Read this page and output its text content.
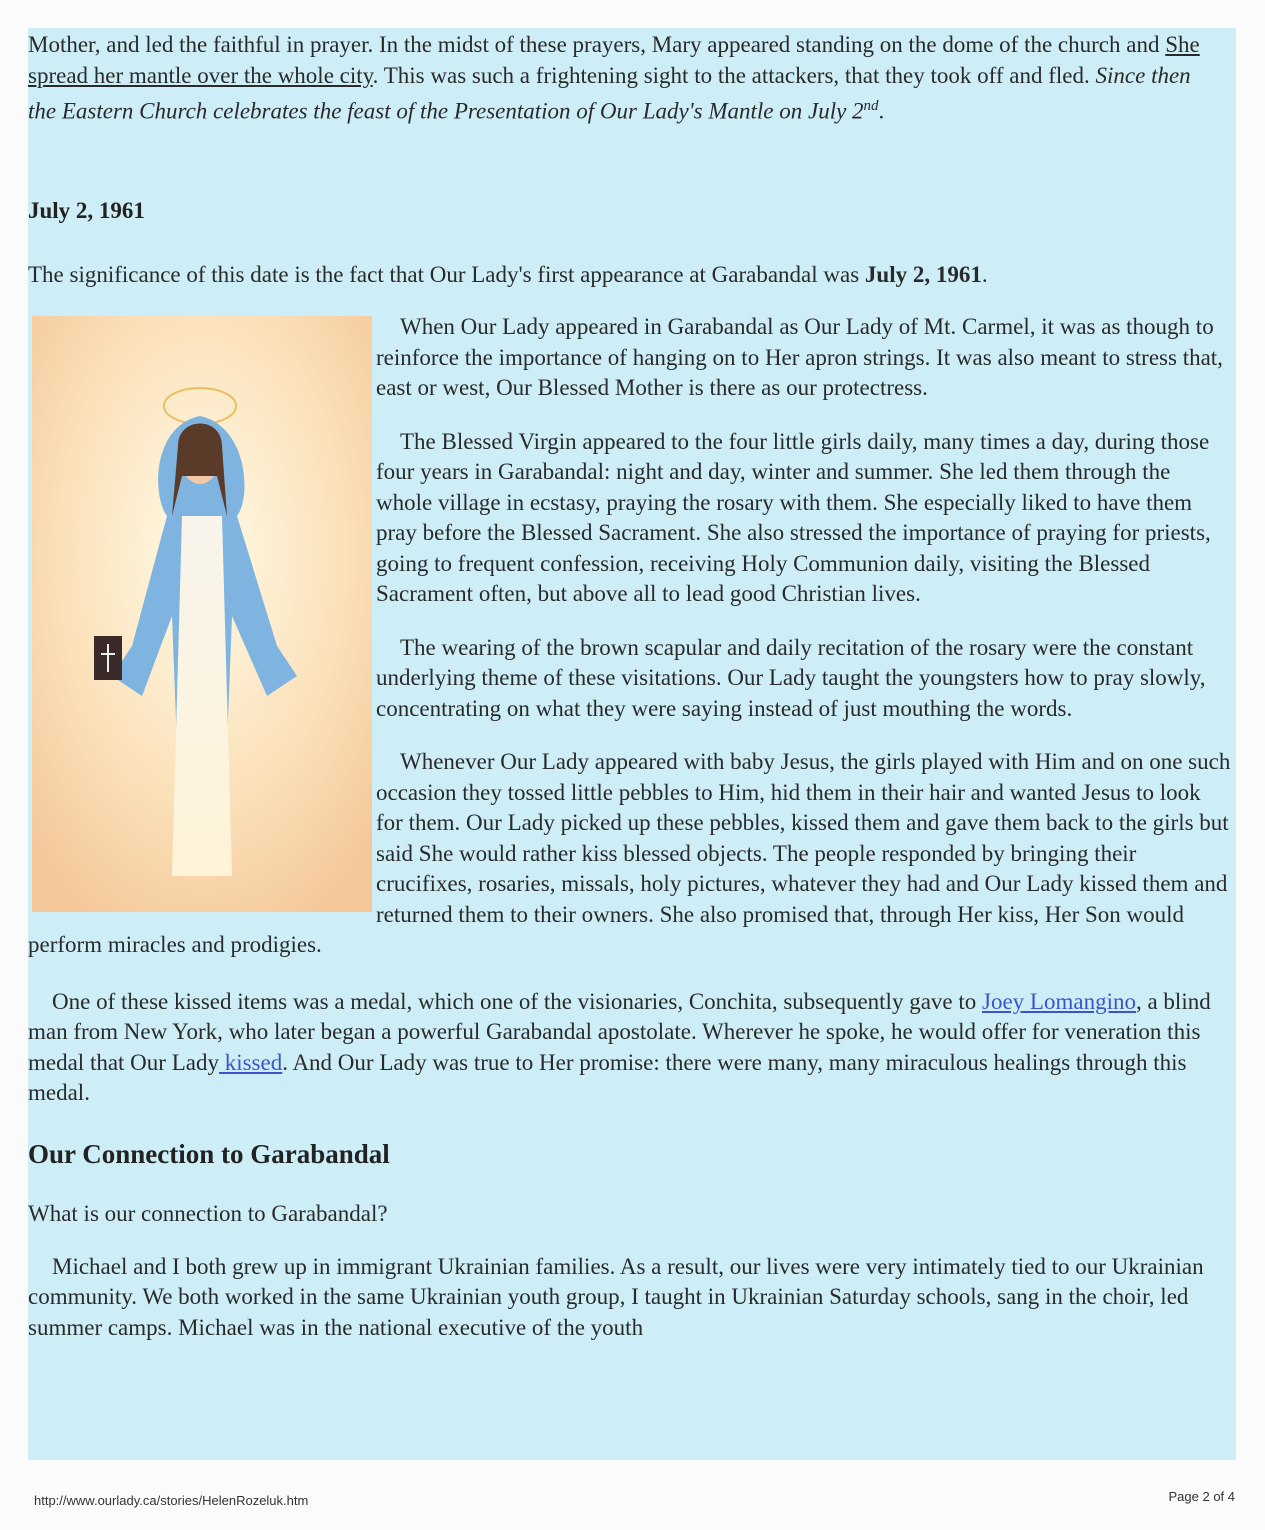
Mother, and led the faithful in prayer. In the midst of these prayers, Mary appeared standing on the dome of the church and She spread her mantle over the whole city. This was such a frightening sight to the attackers, that they took off and fled. Since then the Eastern Church celebrates the feast of the Presentation of Our Lady's Mantle on July 2nd.

July 2, 1961

The significance of this date is the fact that Our Lady's first appearance at Garabandal was July 2, 1961.

When Our Lady appeared in Garabandal as Our Lady of Mt. Carmel, it was as though to reinforce the importance of hanging on to Her apron strings. It was also meant to stress that, east or west, Our Blessed Mother is there as our protectress.

The Blessed Virgin appeared to the four little girls daily, many times a day, during those four years in Garabandal: night and day, winter and summer. She led them through the whole village in ecstasy, praying the rosary with them. She especially liked to have them pray before the Blessed Sacrament. She also stressed the importance of praying for priests, going to frequent confession, receiving Holy Communion daily, visiting the Blessed Sacrament often, but above all to lead good Christian lives.

The wearing of the brown scapular and daily recitation of the rosary were the constant underlying theme of these visitations. Our Lady taught the youngsters how to pray slowly, concentrating on what they were saying instead of just mouthing the words.

Whenever Our Lady appeared with baby Jesus, the girls played with Him and on one such occasion they tossed little pebbles to Him, hid them in their hair and wanted Jesus to look for them. Our Lady picked up these pebbles, kissed them and gave them back to the girls but said She would rather kiss blessed objects. The people responded by bringing their crucifixes, rosaries, missals, holy pictures, whatever they had and Our Lady kissed them and returned them to their owners. She also promised that, through Her kiss, Her Son would perform miracles and prodigies.

One of these kissed items was a medal, which one of the visionaries, Conchita, subsequently gave to Joey Lomangino, a blind man from New York, who later began a powerful Garabandal apostolate. Wherever he spoke, he would offer for veneration this medal that Our Lady kissed. And Our Lady was true to Her promise: there were many, many miraculous healings through this medal.

Our Connection to Garabandal

What is our connection to Garabandal?

Michael and I both grew up in immigrant Ukrainian families. As a result, our lives were very intimately tied to our Ukrainian community. We both worked in the same Ukrainian youth group, I taught in Ukrainian Saturday schools, sang in the choir, led summer camps. Michael was in the national executive of the youth

http://www.ourlady.ca/stories/HelenRozeluk.htm	Page 2 of 4
